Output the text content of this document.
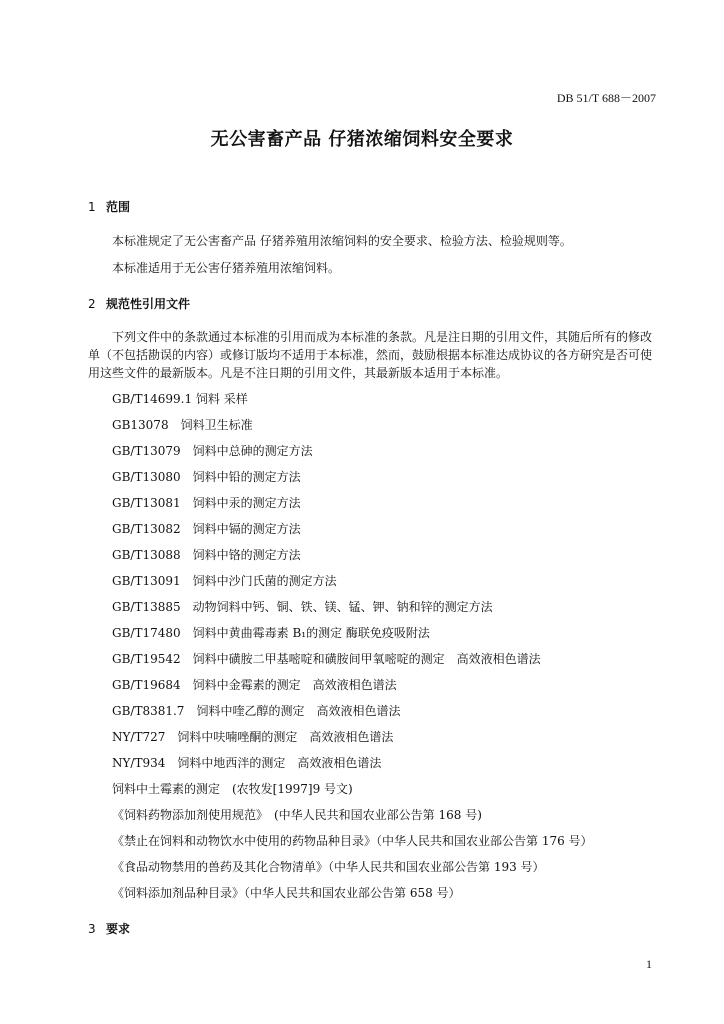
DB 51/T 688－2007
无公害畜产品 仔猪浓缩饲料安全要求
1 范围
本标准规定了无公害畜产品 仔猪养殖用浓缩饲料的安全要求、检验方法、检验规则等。
本标准适用于无公害仔猪养殖用浓缩饲料。
2 规范性引用文件
下列文件中的条款通过本标准的引用而成为本标准的条款。凡是注日期的引用文件，其随后所有的修改单（不包括勘误的内容）或修订版均不适用于本标准，然而，鼓励根据本标准达成协议的各方研究是否可使用这些文件的最新版本。凡是不注日期的引用文件，其最新版本适用于本标准。
GB/T14699.1 饲料 采样
GB13078　饲料卫生标准
GB/T13079　饲料中总砷的测定方法
GB/T13080　饲料中铅的测定方法
GB/T13081　饲料中汞的测定方法
GB/T13082　饲料中镉的测定方法
GB/T13088　饲料中铬的测定方法
GB/T13091　饲料中沙门氏菌的测定方法
GB/T13885　动物饲料中钙、铜、铁、镁、锰、钾、钠和锌的测定方法
GB/T17480　饲料中黄曲霉毒素 B₁的测定 酶联免疫吸附法
GB/T19542　饲料中磺胺二甲基嘧啶和磺胺间甲氧嘧啶的测定　高效液相色谱法
GB/T19684　饲料中金霉素的测定　高效液相色谱法
GB/T8381.7　饲料中喹乙醇的测定　高效液相色谱法
NY/T727　饲料中呋喃唑酮的测定　高效液相色谱法
NY/T934　饲料中地西泮的测定　高效液相色谱法
饲料中土霉素的测定　(农牧发[1997]9 号文)
《饲料药物添加剂使用规范》　(中华人民共和国农业部公告第 168 号)
《禁止在饲料和动物饮水中使用的药物品种目录》（中华人民共和国农业部公告第 176 号）
《食品动物禁用的兽药及其化合物清单》（中华人民共和国农业部公告第 193 号）
《饲料添加剂品种目录》（中华人民共和国农业部公告第 658 号）
3 要求
1
